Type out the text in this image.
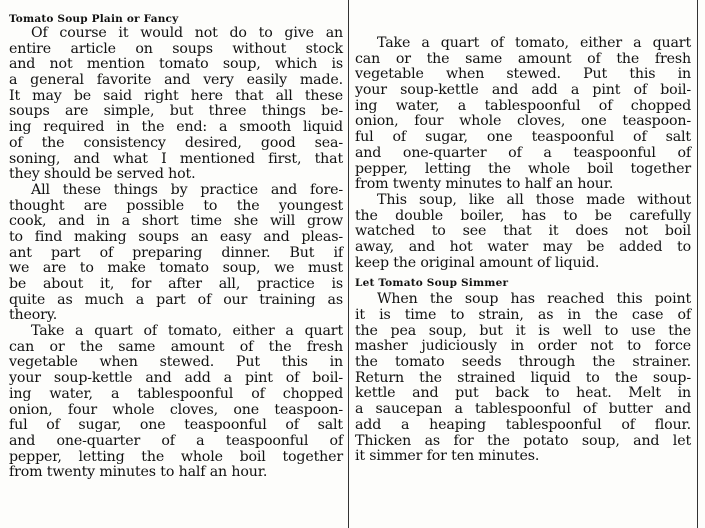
Tomato Soup Plain or Fancy
Of course it would not do to give an
entire article on soups without stock
and not mention tomato soup, which is
a general favorite and very easily made.
It may be said right here that all these
soups are simple, but three things be-
ing required in the end: a smooth liquid
of the consistency desired, good sea-
soning, and what I mentioned first, that
they should be served hot.
All these things by practice and fore-
thought are possible to the youngest
cook, and in a short time she will grow
to find making soups an easy and pleas-
ant part of preparing dinner. But if
we are to make tomato soup, we must
be about it, for after all, practice is
quite as much a part of our training as
theory.
Take a quart of tomato, either a quart
can or the same amount of the fresh
vegetable when stewed. Put this in
your soup-kettle and add a pint of boil-
ing water, a tablespoonful of chopped
onion, four whole cloves, one teaspoon-
ful of sugar, one teaspoonful of salt
and one-quarter of a teaspoonful of
pepper, letting the whole boil together
from twenty minutes to half an hour.
Take a quart of tomato, either a quart
can or the same amount of the fresh
vegetable when stewed. Put this in
your soup-kettle and add a pint of boil-
ing water, a tablespoonful of chopped
onion, four whole cloves, one teaspoon-
ful of sugar, one teaspoonful of salt
and one-quarter of a teaspoonful of
pepper, letting the whole boil together
from twenty minutes to half an hour.
This soup, like all those made without
the double boiler, has to be carefully
watched to see that it does not boil
away, and hot water may be added to
keep the original amount of liquid.
Let Tomato Soup Simmer
When the soup has reached this point
it is time to strain, as in the case of
the pea soup, but it is well to use the
masher judiciously in order not to force
the tomato seeds through the strainer.
Return the strained liquid to the soup-
kettle and put back to heat. Melt in
a saucepan a tablespoonful of butter and
add a heaping tablespoonful of flour.
Thicken as for the potato soup, and let
it simmer for ten minutes.
